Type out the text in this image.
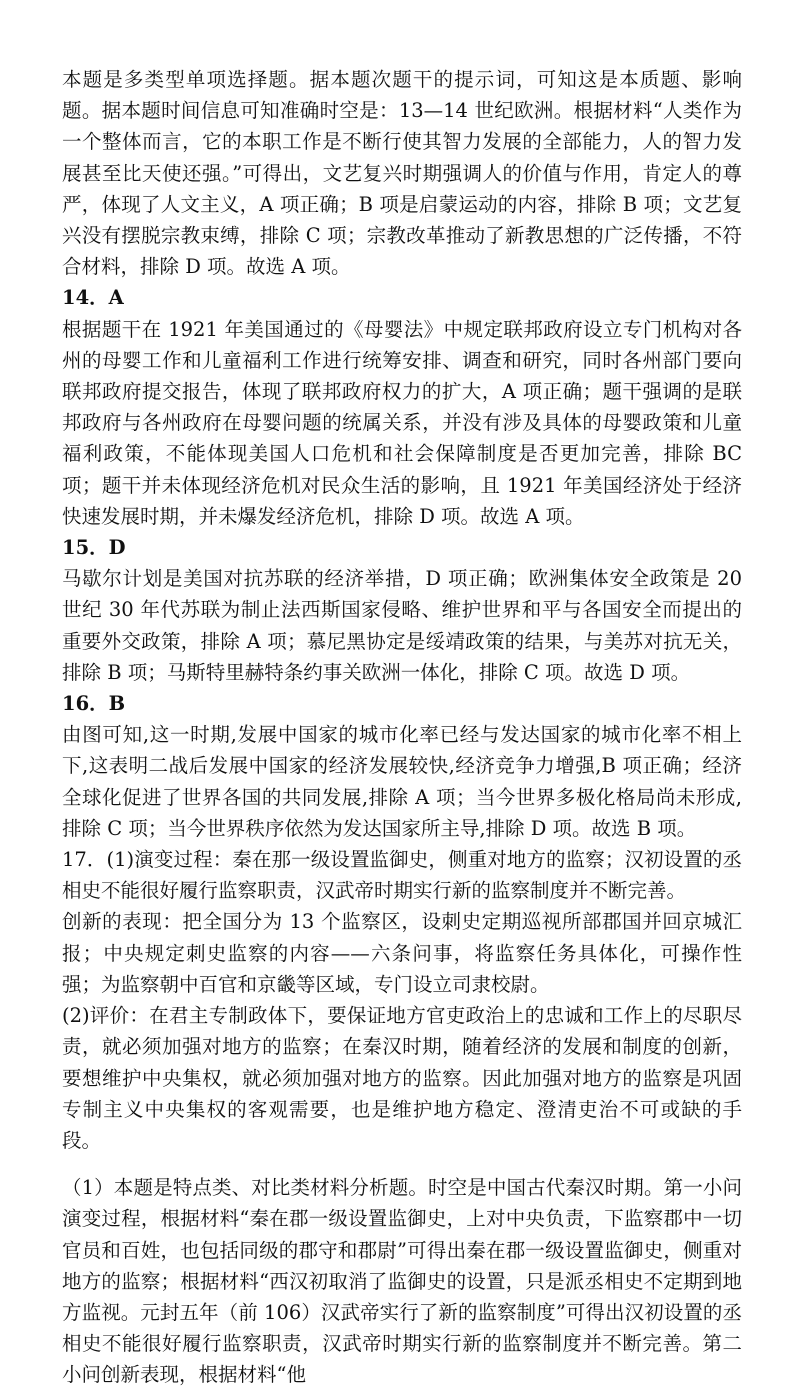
本题是多类型单项选择题。据本题次题干的提示词，可知这是本质题、影响题。据本题时间信息可知准确时空是：13—14 世纪欧洲。根据材料“人类作为一个整体而言，它的本职工作是不断行使其智力发展的全部能力，人的智力发展甚至比天使还强。”可得出，文艺复兴时期强调人的价值与作用，肯定人的尊严，体现了人文主义，A 项正确；B 项是启蒙运动的内容，排除 B 项；文艺复兴没有摆脱宗教束缚，排除 C 项；宗教改革推动了新教思想的广泛传播，不符合材料，排除 D 项。故选 A 项。

14．A

根据题干在 1921 年美国通过的《母婴法》中规定联邦政府设立专门机构对各州的母婴工作和儿童福利工作进行统筹安排、调查和研究，同时各州部门要向联邦政府提交报告，体现了联邦政府权力的扩大，A 项正确；题干强调的是联邦政府与各州政府在母婴问题的统属关系，并没有涉及具体的母婴政策和儿童福利政策，不能体现美国人口危机和社会保障制度是否更加完善，排除 BC 项；题干并未体现经济危机对民众生活的影响，且 1921 年美国经济处于经济快速发展时期，并未爆发经济危机，排除 D 项。故选 A 项。

15．D

马歇尔计划是美国对抗苏联的经济举措，D 项正确；欧洲集体安全政策是 20 世纪 30 年代苏联为制止法西斯国家侵略、维护世界和平与各国安全而提出的重要外交政策，排除 A 项；慕尼黑协定是绥靖政策的结果，与美苏对抗无关，排除 B 项；马斯特里赫特条约事关欧洲一体化，排除 C 项。故选 D 项。

16．B

由图可知,这一时期,发展中国家的城市化率已经与发达国家的城市化率不相上下,这表明二战后发展中国家的经济发展较快,经济竞争力增强,B 项正确；经济全球化促进了世界各国的共同发展,排除 A 项；当今世界多极化格局尚未形成,排除 C 项；当今世界秩序依然为发达国家所主导,排除 D 项。故选 B 项。

17．(1)演变过程：秦在那一级设置监御史，侧重对地方的监察；汉初设置的丞相史不能很好履行监察职责，汉武帝时期实行新的监察制度并不断完善。

创新的表现：把全国分为 13 个监察区，设刺史定期巡视所部郡国并回京城汇报；中央规定刺史监察的内容——六条问事，将监察任务具体化，可操作性强；为监察朝中百官和京畿等区域，专门设立司隶校尉。

(2)评价：在君主专制政体下，要保证地方官吏政治上的忠诚和工作上的尽职尽责，就必须加强对地方的监察；在秦汉时期，随着经济的发展和制度的创新，要想维护中央集权，就必须加强对地方的监察。因此加强对地方的监察是巩固专制主义中央集权的客观需要，也是维护地方稳定、澄清吏治不可或缺的手段。

（1）本题是特点类、对比类材料分析题。时空是中国古代秦汉时期。第一小问演变过程，根据材料“秦在郡一级设置监御史，上对中央负责，下监察郡中一切官员和百姓，也包括同级的郡守和郡尉”可得出秦在郡一级设置监御史，侧重对地方的监察；根据材料“西汉初取消了监御史的设置，只是派丞相史不定期到地方监视。元封五年（前 106）汉武帝实行了新的监察制度”可得出汉初设置的丞相史不能很好履行监察职责，汉武帝时期实行新的监察制度并不断完善。第二小问创新表现，根据材料“他
